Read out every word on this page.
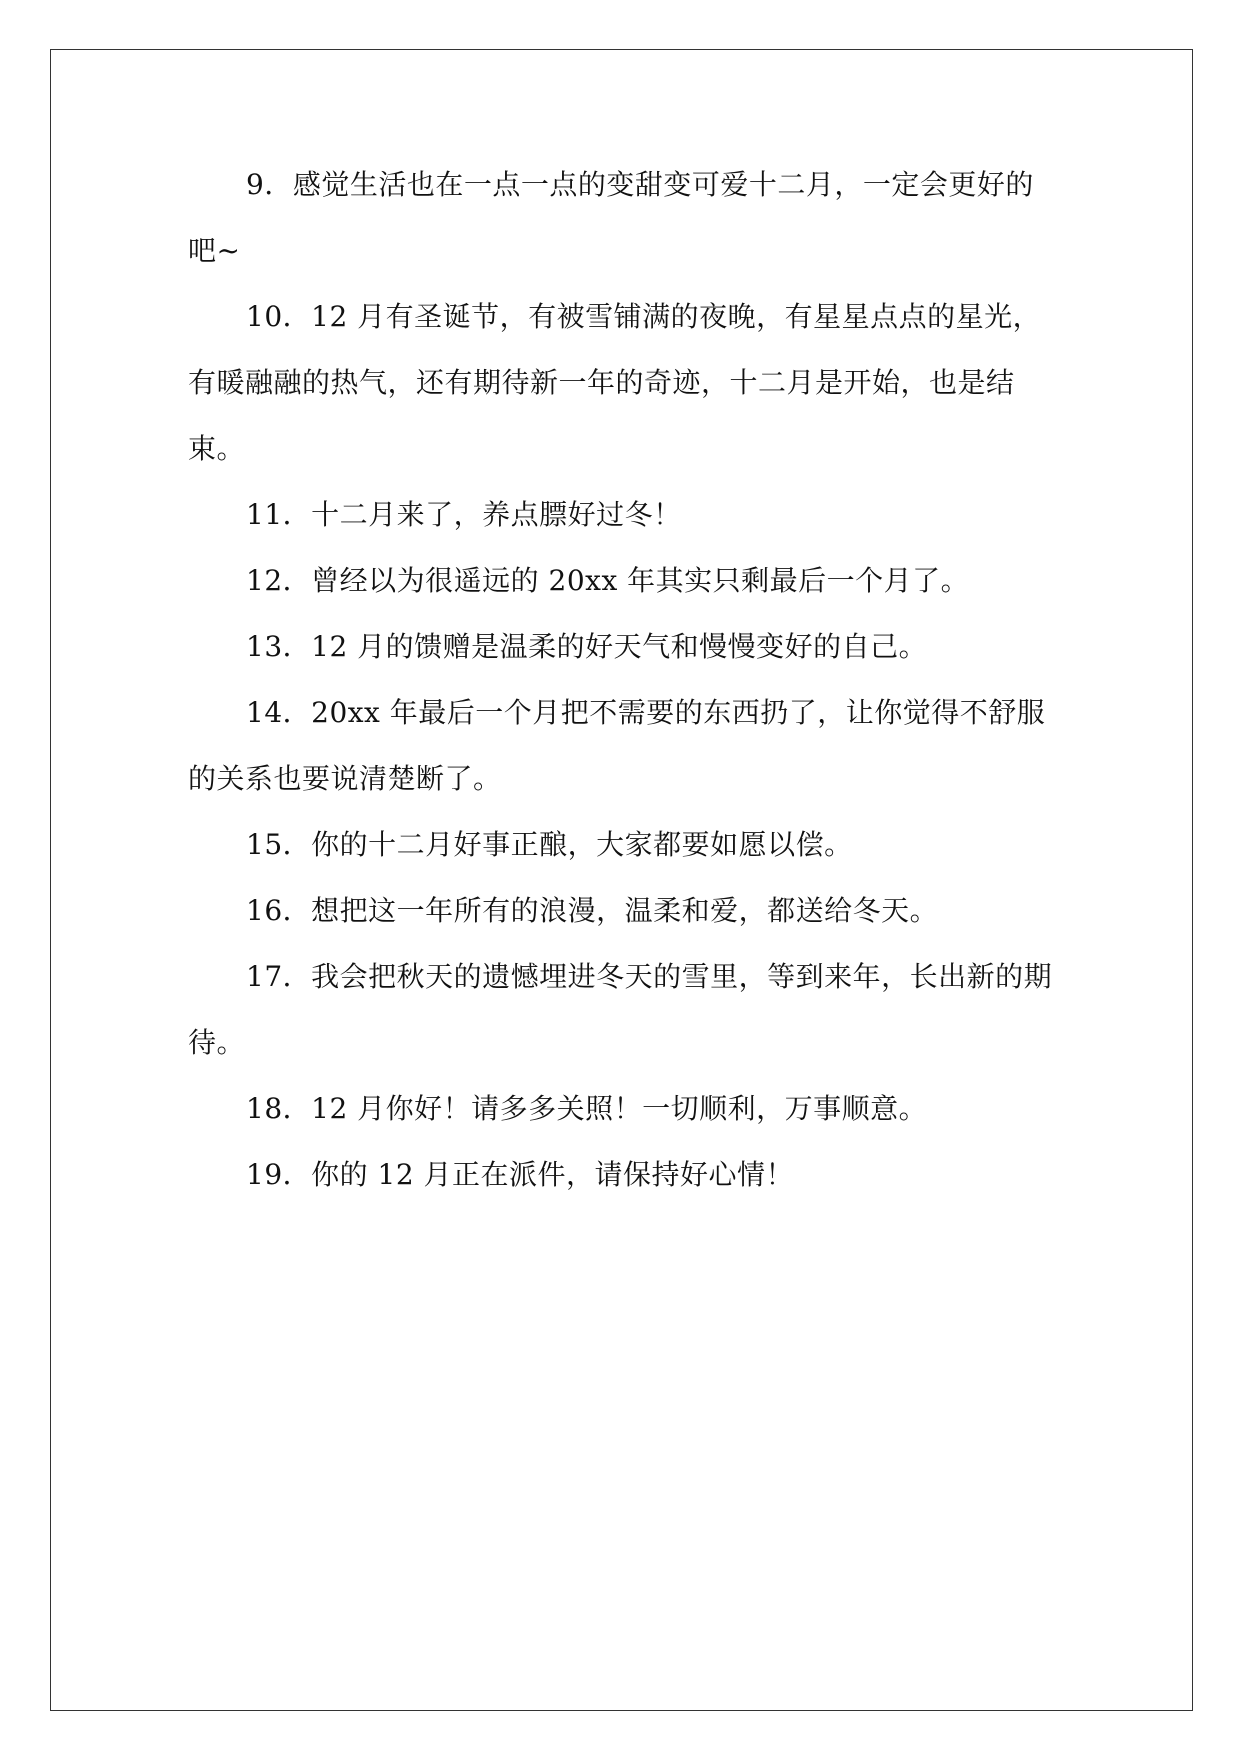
9．感觉生活也在一点一点的变甜变可爱十二月，一定会更好的吧~

10．12 月有圣诞节，有被雪铺满的夜晚，有星星点点的星光，有暖融融的热气，还有期待新一年的奇迹，十二月是开始，也是结束。

11．十二月来了，养点膘好过冬！

12．曾经以为很遥远的 20xx 年其实只剩最后一个月了。

13．12 月的馈赠是温柔的好天气和慢慢变好的自己。

14．20xx 年最后一个月把不需要的东西扔了，让你觉得不舒服的关系也要说清楚断了。

15．你的十二月好事正酿，大家都要如愿以偿。

16．想把这一年所有的浪漫，温柔和爱，都送给冬天。

17．我会把秋天的遗憾埋进冬天的雪里，等到来年，长出新的期待。

18．12 月你好！请多多关照！一切顺利，万事顺意。

19．你的 12 月正在派件，请保持好心情！
